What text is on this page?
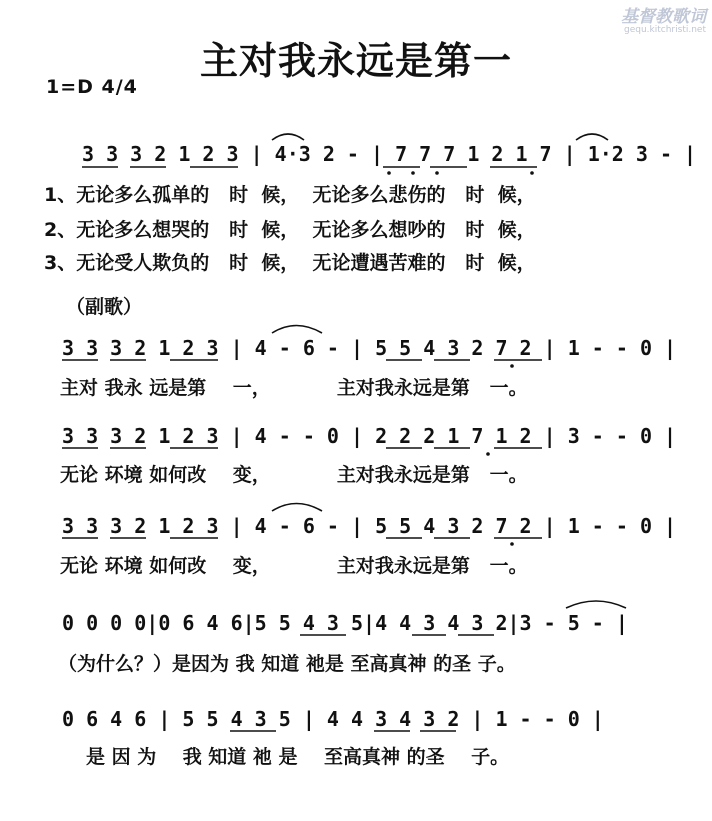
主对我永远是第一
1=D 4/4
基督教歌词
gequ.kitchristi.net
3 3 3 2 1 2 3 | 4·3 2 - | 7 7 7 1 2 1 7 | 1·2 3 - |
1、无论多么孤单的   时  候，  无论多么悲伤的   时  候，
2、无论多么想哭的   时  候，  无论多么想吵的   时  候，
3、无论受人欺负的   时  候，  无论遭遇苦难的   时  候，
（副歌）
3 3 3 2 1 2 3 | 4 - 6 - | 5 5 4 3 2 7 2 | 1 - - 0 |
主对 我永 远是第    一，          主对我永远是第   一。
3 3 3 2 1 2 3 | 4 - - 0 | 2 2 2 1 7 1 2 | 3 - - 0 |
无论 环境 如何改    变，          主对我永远是第   一。
3 3 3 2 1 2 3 | 4 - 6 - | 5 5 4 3 2 7 2 | 1 - - 0 |
无论 环境 如何改    变，          主对我永远是第   一。
0 0 0 0|0 6 4 6|5 5 4 3 5|4 4 3 4 3 2|3 - 5 - |
（为什么？）是因为 我 知道 祂是 至高真神 的圣 子。
0 6 4 6 | 5 5 4 3 5 | 4 4 3 4 3 2 | 1 - - 0 |
是 因 为    我 知道 祂 是    至高真神 的圣    子。
